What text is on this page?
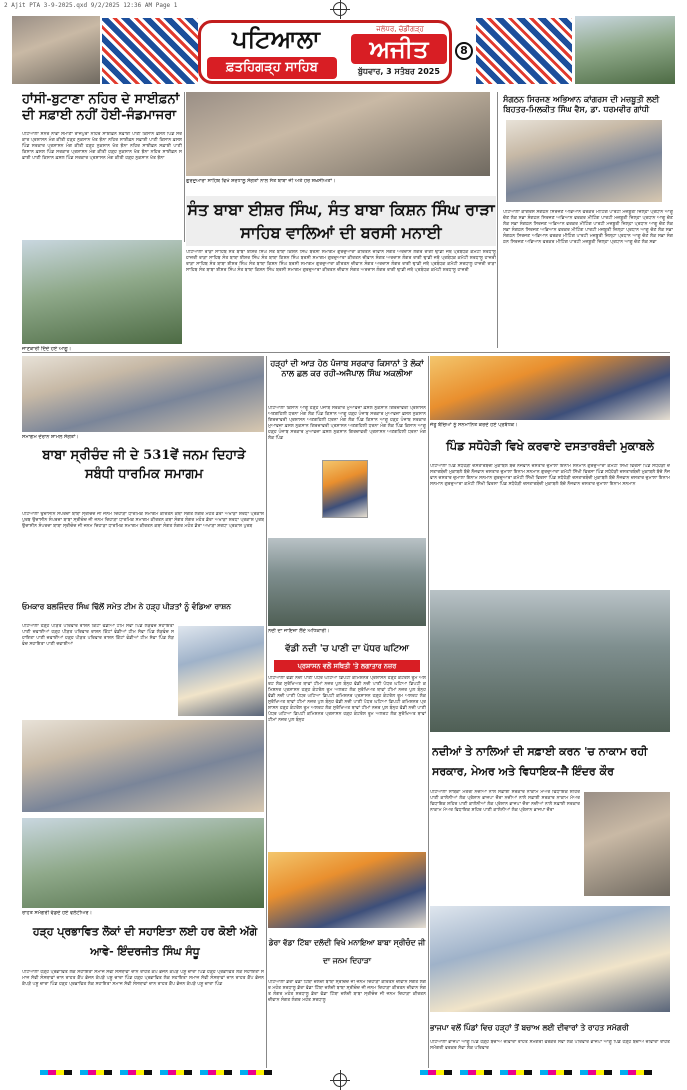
2 Ajit PTA 3-9-2025.qxd 9/2/2025 12:36 AM Page 1
ਪਟਿਆਲਾ
ਫ਼ਤਹਿਗੜ੍ਹ ਸਾਹਿਬ
ਜਲੰਧਰ, ਚੰਡੀਗੜ੍ਹ
ਅਜੀਤ
ਬੁੱਧਵਾਰ, 3 ਸਤੰਬਰ 2025
8
ਹਾਂਸੀ-ਬੁਟਾਣਾ ਨਹਿਰ ਦੇ ਸਾਈਫ਼ਨਾਂ ਦੀ ਸਫ਼ਾਈ ਨਹੀਂ ਹੋਈ-ਜੰਡਮਾਜਰਾ
ਪਟਿਆਲਾ ਸਨੌਰ ਨਾਭਾ ਸਮਾਣਾ ਰਾਜਪੁਰਾ ਨਹਿਰ ਸਾਈਫ਼ਨ ਸਫ਼ਾਈ ਪਾਣੀ ਕਿਸਾਨ ਫ਼ਸਲ ਪਿੰਡ ਸਰਕਾਰ ਪ੍ਰਸ਼ਾਸਨ ਮੰਗ ਕੀਤੀ ਹੜ੍ਹ ਨੁਕਸਾਨ ਖੇਤ ਝੋਨਾ ਨਹਿਰ ਸਾਈਫ਼ਨ ਸਫ਼ਾਈ ਪਾਣੀ ਕਿਸਾਨ ਫ਼ਸਲ ਪਿੰਡ ਸਰਕਾਰ ਪ੍ਰਸ਼ਾਸਨ ਮੰਗ ਕੀਤੀ ਹੜ੍ਹ ਨੁਕਸਾਨ ਖੇਤ ਝੋਨਾ ਨਹਿਰ ਸਾਈਫ਼ਨ ਸਫ਼ਾਈ ਪਾਣੀ ਕਿਸਾਨ ਫ਼ਸਲ ਪਿੰਡ ਸਰਕਾਰ ਪ੍ਰਸ਼ਾਸਨ ਮੰਗ ਕੀਤੀ ਹੜ੍ਹ ਨੁਕਸਾਨ ਖੇਤ ਝੋਨਾ ਨਹਿਰ ਸਾਈਫ਼ਨ ਸਫ਼ਾਈ ਪਾਣੀ ਕਿਸਾਨ ਫ਼ਸਲ ਪਿੰਡ ਸਰਕਾਰ ਪ੍ਰਸ਼ਾਸਨ ਮੰਗ ਕੀਤੀ ਹੜ੍ਹ ਨੁਕਸਾਨ ਖੇਤ ਝੋਨਾ
ਗੁਰਦੁਆਰਾ ਸਾਹਿਬ ਵਿਖੇ ਸ਼ਰਧਾਲੂ ਸੰਗਤਾਂ ਨਾਲ ਸੰਤ ਬਾਬਾ ਜੀ ਅਤੇ ਹੋਰ ਸ਼ਖ਼ਸੀਅਤਾਂ।
ਸੰਗਠਨ ਸਿਰਜਣ ਅਭਿਆਨ ਕਾਂਗਰਸ ਦੀ ਮਜ਼ਬੂਤੀ ਲਈ ਬਿਹਤਰ-ਮਿਲਕੀਤ ਸਿੰਘ ਵੈਸ, ਡਾ. ਧਰਮਵੀਰ ਗਾਂਧੀ
ਪਟਿਆਲਾ ਕਾਂਗਰਸ ਸੰਗਠਨ ਸਿਰਜਣ ਅਭਿਆਨ ਵਰਕਰ ਮੀਟਿੰਗ ਪਾਰਟੀ ਮਜ਼ਬੂਤੀ ਜ਼ਿਲ੍ਹਾ ਪ੍ਰਧਾਨ ਆਗੂ ਚੋਣ ਲੋਕ ਸਭਾ ਸੰਗਠਨ ਸਿਰਜਣ ਅਭਿਆਨ ਵਰਕਰ ਮੀਟਿੰਗ ਪਾਰਟੀ ਮਜ਼ਬੂਤੀ ਜ਼ਿਲ੍ਹਾ ਪ੍ਰਧਾਨ ਆਗੂ ਚੋਣ ਲੋਕ ਸਭਾ ਸੰਗਠਨ ਸਿਰਜਣ ਅਭਿਆਨ ਵਰਕਰ ਮੀਟਿੰਗ ਪਾਰਟੀ ਮਜ਼ਬੂਤੀ ਜ਼ਿਲ੍ਹਾ ਪ੍ਰਧਾਨ ਆਗੂ ਚੋਣ ਲੋਕ ਸਭਾ ਸੰਗਠਨ ਸਿਰਜਣ ਅਭਿਆਨ ਵਰਕਰ ਮੀਟਿੰਗ ਪਾਰਟੀ ਮਜ਼ਬੂਤੀ ਜ਼ਿਲ੍ਹਾ ਪ੍ਰਧਾਨ ਆਗੂ ਚੋਣ ਲੋਕ ਸਭਾ ਸੰਗਠਨ ਸਿਰਜਣ ਅਭਿਆਨ ਵਰਕਰ ਮੀਟਿੰਗ ਪਾਰਟੀ ਮਜ਼ਬੂਤੀ ਜ਼ਿਲ੍ਹਾ ਪ੍ਰਧਾਨ ਆਗੂ ਚੋਣ ਲੋਕ ਸਭਾ ਸੰਗਠਨ ਸਿਰਜਣ ਅਭਿਆਨ ਵਰਕਰ ਮੀਟਿੰਗ ਪਾਰਟੀ ਮਜ਼ਬੂਤੀ ਜ਼ਿਲ੍ਹਾ ਪ੍ਰਧਾਨ ਆਗੂ ਚੋਣ ਲੋਕ ਸਭਾ
ਸੰਤ ਬਾਬਾ ਈਸ਼ਰ ਸਿੰਘ, ਸੰਤ ਬਾਬਾ ਕਿਸ਼ਨ ਸਿੰਘ ਰਾੜਾ ਸਾਹਿਬ ਵਾਲਿਆਂ ਦੀ ਬਰਸੀ ਮਨਾਈ
ਜਾਣਕਾਰੀ ਦਿੰਦੇ ਹੋਏ ਆਗੂ।
ਪਟਿਆਲਾ ਰਾੜਾ ਸਾਹਿਬ ਸੰਤ ਬਾਬਾ ਈਸ਼ਰ ਸਿੰਘ ਸੰਤ ਬਾਬਾ ਕਿਸ਼ਨ ਸਿੰਘ ਬਰਸੀ ਸਮਾਗਮ ਗੁਰਦੁਆਰਾ ਕੀਰਤਨ ਦੀਵਾਨ ਸੰਗਤ ਅਰਦਾਸ ਲੰਗਰ ਰਾਗੀ ਢਾਡੀ ਜਥੇ ਪ੍ਰਬੰਧਕ ਕਮੇਟੀ ਸ਼ਰਧਾਲੂ ਹਾਜ਼ਰੀ ਰਾੜਾ ਸਾਹਿਬ ਸੰਤ ਬਾਬਾ ਈਸ਼ਰ ਸਿੰਘ ਸੰਤ ਬਾਬਾ ਕਿਸ਼ਨ ਸਿੰਘ ਬਰਸੀ ਸਮਾਗਮ ਗੁਰਦੁਆਰਾ ਕੀਰਤਨ ਦੀਵਾਨ ਸੰਗਤ ਅਰਦਾਸ ਲੰਗਰ ਰਾਗੀ ਢਾਡੀ ਜਥੇ ਪ੍ਰਬੰਧਕ ਕਮੇਟੀ ਸ਼ਰਧਾਲੂ ਹਾਜ਼ਰੀ ਰਾੜਾ ਸਾਹਿਬ ਸੰਤ ਬਾਬਾ ਈਸ਼ਰ ਸਿੰਘ ਸੰਤ ਬਾਬਾ ਕਿਸ਼ਨ ਸਿੰਘ ਬਰਸੀ ਸਮਾਗਮ ਗੁਰਦੁਆਰਾ ਕੀਰਤਨ ਦੀਵਾਨ ਸੰਗਤ ਅਰਦਾਸ ਲੰਗਰ ਰਾਗੀ ਢਾਡੀ ਜਥੇ ਪ੍ਰਬੰਧਕ ਕਮੇਟੀ ਸ਼ਰਧਾਲੂ ਹਾਜ਼ਰੀ ਰਾੜਾ ਸਾਹਿਬ ਸੰਤ ਬਾਬਾ ਈਸ਼ਰ ਸਿੰਘ ਸੰਤ ਬਾਬਾ ਕਿਸ਼ਨ ਸਿੰਘ ਬਰਸੀ ਸਮਾਗਮ ਗੁਰਦੁਆਰਾ ਕੀਰਤਨ ਦੀਵਾਨ ਸੰਗਤ ਅਰਦਾਸ ਲੰਗਰ ਰਾਗੀ ਢਾਡੀ ਜਥੇ ਪ੍ਰਬੰਧਕ ਕਮੇਟੀ ਸ਼ਰਧਾਲੂ ਹਾਜ਼ਰੀ
ਸਮਾਗਮ ਦੌਰਾਨ ਸ਼ਾਮਲ ਸੰਗਤਾਂ।
ਹੜ੍ਹਾਂ ਦੀ ਆੜ ਹੇਠ ਪੰਜਾਬ ਸਰਕਾਰ ਕਿਸਾਨਾਂ ਤੇ ਲੋਕਾਂ ਨਾਲ ਛਲ ਕਰ ਰਹੀ-ਅਜੈਪਾਲ ਸਿੰਘ ਅਕਲੀਆ
ਜੇਤੂ ਬੱਚਿਆਂ ਨੂੰ ਸਨਮਾਨਿਤ ਕਰਦੇ ਹੋਏ ਪ੍ਰਬੰਧਕ।
ਬਾਬਾ ਸ੍ਰੀਚੰਦ ਜੀ ਦੇ 531ਵੇਂ ਜਨਮ ਦਿਹਾੜੇ ਸਬੰਧੀ ਧਾਰਮਿਕ ਸਮਾਗਮ
ਪਟਿਆਲਾ ਉਦਾਸੀਨ ਸੰਪਰਦਾ ਬਾਬਾ ਸ੍ਰੀਚੰਦ ਜੀ ਜਨਮ ਦਿਹਾੜਾ ਧਾਰਮਿਕ ਸਮਾਗਮ ਕੀਰਤਨ ਕਥਾ ਸੰਗਤ ਲੰਗਰ ਮਹੰਤ ਡੇਰਾ ਅਖਾੜਾ ਸ਼ਰਧਾ ਪ੍ਰਕਾਸ਼ ਪੁਰਬ ਉਦਾਸੀਨ ਸੰਪਰਦਾ ਬਾਬਾ ਸ੍ਰੀਚੰਦ ਜੀ ਜਨਮ ਦਿਹਾੜਾ ਧਾਰਮਿਕ ਸਮਾਗਮ ਕੀਰਤਨ ਕਥਾ ਸੰਗਤ ਲੰਗਰ ਮਹੰਤ ਡੇਰਾ ਅਖਾੜਾ ਸ਼ਰਧਾ ਪ੍ਰਕਾਸ਼ ਪੁਰਬ ਉਦਾਸੀਨ ਸੰਪਰਦਾ ਬਾਬਾ ਸ੍ਰੀਚੰਦ ਜੀ ਜਨਮ ਦਿਹਾੜਾ ਧਾਰਮਿਕ ਸਮਾਗਮ ਕੀਰਤਨ ਕਥਾ ਸੰਗਤ ਲੰਗਰ ਮਹੰਤ ਡੇਰਾ ਅਖਾੜਾ ਸ਼ਰਧਾ ਪ੍ਰਕਾਸ਼ ਪੁਰਬ
ਪਟਿਆਲਾ ਕਿਸਾਨ ਆਗੂ ਹੜ੍ਹ ਪੰਜਾਬ ਸਰਕਾਰ ਮੁਆਵਜ਼ਾ ਫ਼ਸਲ ਨੁਕਸਾਨ ਗਿਰਦਾਵਰੀ ਪ੍ਰਸ਼ਾਸਨ ਅਣਗਹਿਲੀ ਧਰਨਾ ਮੰਗ ਲੋਕ ਪਿੰਡ ਕਿਸਾਨ ਆਗੂ ਹੜ੍ਹ ਪੰਜਾਬ ਸਰਕਾਰ ਮੁਆਵਜ਼ਾ ਫ਼ਸਲ ਨੁਕਸਾਨ ਗਿਰਦਾਵਰੀ ਪ੍ਰਸ਼ਾਸਨ ਅਣਗਹਿਲੀ ਧਰਨਾ ਮੰਗ ਲੋਕ ਪਿੰਡ ਕਿਸਾਨ ਆਗੂ ਹੜ੍ਹ ਪੰਜਾਬ ਸਰਕਾਰ ਮੁਆਵਜ਼ਾ ਫ਼ਸਲ ਨੁਕਸਾਨ ਗਿਰਦਾਵਰੀ ਪ੍ਰਸ਼ਾਸਨ ਅਣਗਹਿਲੀ ਧਰਨਾ ਮੰਗ ਲੋਕ ਪਿੰਡ ਕਿਸਾਨ ਆਗੂ ਹੜ੍ਹ ਪੰਜਾਬ ਸਰਕਾਰ ਮੁਆਵਜ਼ਾ ਫ਼ਸਲ ਨੁਕਸਾਨ ਗਿਰਦਾਵਰੀ ਪ੍ਰਸ਼ਾਸਨ ਅਣਗਹਿਲੀ ਧਰਨਾ ਮੰਗ ਲੋਕ ਪਿੰਡ
ਪਿੰਡ ਸਧੋਹੇੜੀ ਵਿਖੇ ਕਰਵਾਏ ਦਸਤਾਰਬੰਦੀ ਮੁਕਾਬਲੇ
ਪਟਿਆਲਾ ਪਿੰਡ ਸਧੋਹੇੜੀ ਦਸਤਾਰਬੰਦੀ ਮੁਕਾਬਲੇ ਬੱਚੇ ਨੌਜਵਾਨ ਦਸਤਾਰ ਦੁਮਾਲਾ ਇਨਾਮ ਸਨਮਾਨ ਗੁਰਦੁਆਰਾ ਕਮੇਟੀ ਸਿੱਖੀ ਵਿਰਸਾ ਪਿੰਡ ਸਧੋਹੇੜੀ ਦਸਤਾਰਬੰਦੀ ਮੁਕਾਬਲੇ ਬੱਚੇ ਨੌਜਵਾਨ ਦਸਤਾਰ ਦੁਮਾਲਾ ਇਨਾਮ ਸਨਮਾਨ ਗੁਰਦੁਆਰਾ ਕਮੇਟੀ ਸਿੱਖੀ ਵਿਰਸਾ ਪਿੰਡ ਸਧੋਹੇੜੀ ਦਸਤਾਰਬੰਦੀ ਮੁਕਾਬਲੇ ਬੱਚੇ ਨੌਜਵਾਨ ਦਸਤਾਰ ਦੁਮਾਲਾ ਇਨਾਮ ਸਨਮਾਨ ਗੁਰਦੁਆਰਾ ਕਮੇਟੀ ਸਿੱਖੀ ਵਿਰਸਾ ਪਿੰਡ ਸਧੋਹੇੜੀ ਦਸਤਾਰਬੰਦੀ ਮੁਕਾਬਲੇ ਬੱਚੇ ਨੌਜਵਾਨ ਦਸਤਾਰ ਦੁਮਾਲਾ ਇਨਾਮ ਸਨਮਾਨ ਗੁਰਦੁਆਰਾ ਕਮੇਟੀ ਸਿੱਖੀ ਵਿਰਸਾ ਪਿੰਡ ਸਧੋਹੇੜੀ ਦਸਤਾਰਬੰਦੀ ਮੁਕਾਬਲੇ ਬੱਚੇ ਨੌਜਵਾਨ ਦਸਤਾਰ ਦੁਮਾਲਾ ਇਨਾਮ ਸਨਮਾਨ
ਓਮਕਾਰ ਬਲਜਿੰਦਰ ਸਿੰਘ ਢਿੱਲੋਂ ਸਮੇਤ ਟੀਮ ਨੇ ਹੜ੍ਹ ਪੀੜਤਾਂ ਨੂੰ ਵੰਡਿਆ ਰਾਸ਼ਨ
ਪਟਿਆਲਾ ਹੜ੍ਹ ਪੀੜਤ ਪਰਿਵਾਰ ਰਾਸ਼ਨ ਕਿੱਟਾਂ ਵੰਡੀਆਂ ਟੀਮ ਸੇਵਾ ਪਿੰਡ ਲੋੜਵੰਦ ਸਹਾਇਤਾ ਪਾਣੀ ਦਵਾਈਆਂ ਹੜ੍ਹ ਪੀੜਤ ਪਰਿਵਾਰ ਰਾਸ਼ਨ ਕਿੱਟਾਂ ਵੰਡੀਆਂ ਟੀਮ ਸੇਵਾ ਪਿੰਡ ਲੋੜਵੰਦ ਸਹਾਇਤਾ ਪਾਣੀ ਦਵਾਈਆਂ ਹੜ੍ਹ ਪੀੜਤ ਪਰਿਵਾਰ ਰਾਸ਼ਨ ਕਿੱਟਾਂ ਵੰਡੀਆਂ ਟੀਮ ਸੇਵਾ ਪਿੰਡ ਲੋੜਵੰਦ ਸਹਾਇਤਾ ਪਾਣੀ ਦਵਾਈਆਂ
ਨਦੀ ਦਾ ਜਾਇਜ਼ਾ ਲੈਂਦੇ ਅਧਿਕਾਰੀ।
ਵੱਡੀ ਨਦੀ 'ਚ ਪਾਣੀ ਦਾ ਪੱਧਰ ਘਟਿਆ
ਪ੍ਰਸ਼ਾਸਨ ਵਲੋਂ ਸਥਿਤੀ 'ਤੇ ਲਗਾਤਾਰ ਨਜ਼ਰ
ਪਟਿਆਲਾ ਵੱਡੀ ਨਦੀ ਪਾਣੀ ਪੱਧਰ ਘਟਿਆ ਡਿਪਟੀ ਕਮਿਸ਼ਨਰ ਪ੍ਰਸ਼ਾਸਨ ਹੜ੍ਹ ਕੰਟਰੋਲ ਰੂਮ ਅਲਰਟ ਲੋਕ ਸੁਰੱਖਿਅਤ ਥਾਵਾਂ ਟੀਮਾਂ ਨਜ਼ਰ ਪੁਲ ਬੰਨ੍ਹ ਵੱਡੀ ਨਦੀ ਪਾਣੀ ਪੱਧਰ ਘਟਿਆ ਡਿਪਟੀ ਕਮਿਸ਼ਨਰ ਪ੍ਰਸ਼ਾਸਨ ਹੜ੍ਹ ਕੰਟਰੋਲ ਰੂਮ ਅਲਰਟ ਲੋਕ ਸੁਰੱਖਿਅਤ ਥਾਵਾਂ ਟੀਮਾਂ ਨਜ਼ਰ ਪੁਲ ਬੰਨ੍ਹ ਵੱਡੀ ਨਦੀ ਪਾਣੀ ਪੱਧਰ ਘਟਿਆ ਡਿਪਟੀ ਕਮਿਸ਼ਨਰ ਪ੍ਰਸ਼ਾਸਨ ਹੜ੍ਹ ਕੰਟਰੋਲ ਰੂਮ ਅਲਰਟ ਲੋਕ ਸੁਰੱਖਿਅਤ ਥਾਵਾਂ ਟੀਮਾਂ ਨਜ਼ਰ ਪੁਲ ਬੰਨ੍ਹ ਵੱਡੀ ਨਦੀ ਪਾਣੀ ਪੱਧਰ ਘਟਿਆ ਡਿਪਟੀ ਕਮਿਸ਼ਨਰ ਪ੍ਰਸ਼ਾਸਨ ਹੜ੍ਹ ਕੰਟਰੋਲ ਰੂਮ ਅਲਰਟ ਲੋਕ ਸੁਰੱਖਿਅਤ ਥਾਵਾਂ ਟੀਮਾਂ ਨਜ਼ਰ ਪੁਲ ਬੰਨ੍ਹ ਵੱਡੀ ਨਦੀ ਪਾਣੀ ਪੱਧਰ ਘਟਿਆ ਡਿਪਟੀ ਕਮਿਸ਼ਨਰ ਪ੍ਰਸ਼ਾਸਨ ਹੜ੍ਹ ਕੰਟਰੋਲ ਰੂਮ ਅਲਰਟ ਲੋਕ ਸੁਰੱਖਿਅਤ ਥਾਵਾਂ ਟੀਮਾਂ ਨਜ਼ਰ ਪੁਲ ਬੰਨ੍ਹ
ਨਦੀਆਂ ਤੇ ਨਾਲਿਆਂ ਦੀ ਸਫ਼ਾਈ ਕਰਨ 'ਚ ਨਾਕਾਮ ਰਹੀ ਸਰਕਾਰ, ਮੇਅਰ ਅਤੇ ਵਿਧਾਇਕ-ਜੈ ਇੰਦਰ ਕੌਰ
ਪਟਿਆਲਾ ਸਾਬਕਾ ਮੰਤਰੀ ਨਦੀਆਂ ਨਾਲੇ ਸਫ਼ਾਈ ਸਰਕਾਰ ਨਾਕਾਮ ਮੇਅਰ ਵਿਧਾਇਕ ਸ਼ਹਿਰ ਪਾਣੀ ਕਾਲੋਨੀਆਂ ਲੋਕ ਪ੍ਰੇਸ਼ਾਨ ਭਾਜਪਾ ਦੌਰਾ ਨਦੀਆਂ ਨਾਲੇ ਸਫ਼ਾਈ ਸਰਕਾਰ ਨਾਕਾਮ ਮੇਅਰ ਵਿਧਾਇਕ ਸ਼ਹਿਰ ਪਾਣੀ ਕਾਲੋਨੀਆਂ ਲੋਕ ਪ੍ਰੇਸ਼ਾਨ ਭਾਜਪਾ ਦੌਰਾ ਨਦੀਆਂ ਨਾਲੇ ਸਫ਼ਾਈ ਸਰਕਾਰ ਨਾਕਾਮ ਮੇਅਰ ਵਿਧਾਇਕ ਸ਼ਹਿਰ ਪਾਣੀ ਕਾਲੋਨੀਆਂ ਲੋਕ ਪ੍ਰੇਸ਼ਾਨ ਭਾਜਪਾ ਦੌਰਾ
ਰਾਹਤ ਸਮੱਗਰੀ ਵੰਡਦੇ ਹੋਏ ਵਲੰਟੀਅਰ।
ਹੜ੍ਹ ਪ੍ਰਭਾਵਿਤ ਲੋਕਾਂ ਦੀ ਸਹਾਇਤਾ ਲਈ ਹਰ ਕੋਈ ਅੱਗੇ ਆਵੇ- ਇੰਦਰਜੀਤ ਸਿੰਘ ਸੰਧੂ
ਪਟਿਆਲਾ ਹੜ੍ਹ ਪ੍ਰਭਾਵਿਤ ਲੋਕ ਸਹਾਇਤਾ ਸਮਾਜ ਸੇਵੀ ਸੰਸਥਾਵਾਂ ਦਾਨ ਰਾਹਤ ਕੈਂਪ ਭੋਜਨ ਕੱਪੜੇ ਪਸ਼ੂ ਚਾਰਾ ਪਿੰਡ ਹੜ੍ਹ ਪ੍ਰਭਾਵਿਤ ਲੋਕ ਸਹਾਇਤਾ ਸਮਾਜ ਸੇਵੀ ਸੰਸਥਾਵਾਂ ਦਾਨ ਰਾਹਤ ਕੈਂਪ ਭੋਜਨ ਕੱਪੜੇ ਪਸ਼ੂ ਚਾਰਾ ਪਿੰਡ ਹੜ੍ਹ ਪ੍ਰਭਾਵਿਤ ਲੋਕ ਸਹਾਇਤਾ ਸਮਾਜ ਸੇਵੀ ਸੰਸਥਾਵਾਂ ਦਾਨ ਰਾਹਤ ਕੈਂਪ ਭੋਜਨ ਕੱਪੜੇ ਪਸ਼ੂ ਚਾਰਾ ਪਿੰਡ ਹੜ੍ਹ ਪ੍ਰਭਾਵਿਤ ਲੋਕ ਸਹਾਇਤਾ ਸਮਾਜ ਸੇਵੀ ਸੰਸਥਾਵਾਂ ਦਾਨ ਰਾਹਤ ਕੈਂਪ ਭੋਜਨ ਕੱਪੜੇ ਪਸ਼ੂ ਚਾਰਾ ਪਿੰਡ
ਡੇਰਾ ਵੱਡਾ ਟਿੱਬਾ ਦਲੱਦੀ ਵਿਖੇ ਮਨਾਇਆ ਬਾਬਾ ਸ੍ਰੀਚੰਦ ਜੀ ਦਾ ਜਨਮ ਦਿਹਾੜਾ
ਪਟਿਆਲਾ ਡੇਰਾ ਵੱਡਾ ਟਿੱਬਾ ਦਲੱਦੀ ਬਾਬਾ ਸ੍ਰੀਚੰਦ ਜੀ ਜਨਮ ਦਿਹਾੜਾ ਕੀਰਤਨ ਦੀਵਾਨ ਸੰਗਤ ਲੰਗਰ ਮਹੰਤ ਸ਼ਰਧਾਲੂ ਡੇਰਾ ਵੱਡਾ ਟਿੱਬਾ ਦਲੱਦੀ ਬਾਬਾ ਸ੍ਰੀਚੰਦ ਜੀ ਜਨਮ ਦਿਹਾੜਾ ਕੀਰਤਨ ਦੀਵਾਨ ਸੰਗਤ ਲੰਗਰ ਮਹੰਤ ਸ਼ਰਧਾਲੂ ਡੇਰਾ ਵੱਡਾ ਟਿੱਬਾ ਦਲੱਦੀ ਬਾਬਾ ਸ੍ਰੀਚੰਦ ਜੀ ਜਨਮ ਦਿਹਾੜਾ ਕੀਰਤਨ ਦੀਵਾਨ ਸੰਗਤ ਲੰਗਰ ਮਹੰਤ ਸ਼ਰਧਾਲੂ
ਭਾਜਪਾ ਵਲੋਂ ਪਿੰਡਾਂ ਵਿਚ ਹੜ੍ਹਾਂ ਤੋਂ ਬਚਾਅ ਲਈ ਦੀਵਾਰਾਂ ਤੇ ਰਾਹਤ ਸਮੱਗਰੀ
ਪਟਿਆਲਾ ਭਾਜਪਾ ਆਗੂ ਪਿੰਡ ਹੜ੍ਹ ਬਚਾਅ ਦੀਵਾਰਾਂ ਰਾਹਤ ਸਮੱਗਰੀ ਵਰਕਰ ਸੇਵਾ ਲੋਕ ਪਰਿਵਾਰ ਭਾਜਪਾ ਆਗੂ ਪਿੰਡ ਹੜ੍ਹ ਬਚਾਅ ਦੀਵਾਰਾਂ ਰਾਹਤ ਸਮੱਗਰੀ ਵਰਕਰ ਸੇਵਾ ਲੋਕ ਪਰਿਵਾਰ
